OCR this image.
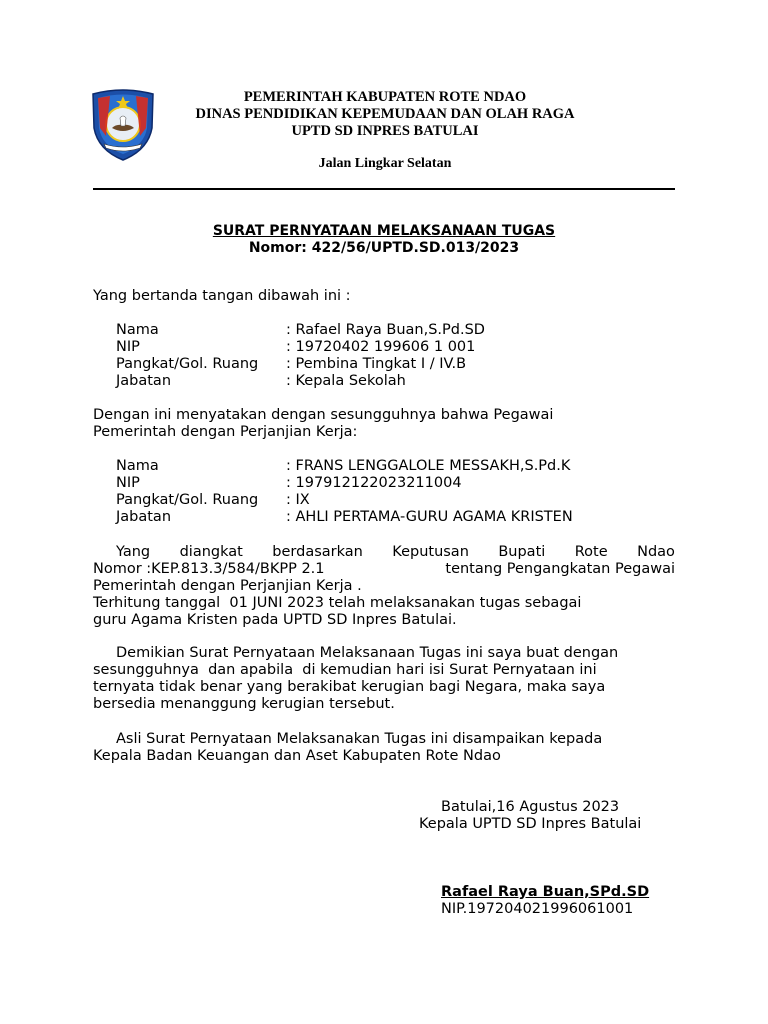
PEMERINTAH KABUPATEN ROTE NDAO
DINAS PENDIDIKAN KEPEMUDAAN DAN OLAH RAGA
UPTD SD INPRES BATULAI
Jalan Lingkar Selatan
SURAT PERNYATAAN MELAKSANAAN TUGAS
Nomor: 422/56/UPTD.SD.013/2023
Yang bertanda tangan dibawah ini :
Nama	: Rafael Raya Buan,S.Pd.SD
NIP	: 19720402 199606 1 001
Pangkat/Gol. Ruang	: Pembina Tingkat I / IV.B
Jabatan	: Kepala Sekolah
Dengan ini menyatakan dengan sesungguhnya bahwa Pegawai
Pemerintah dengan Perjanjian Kerja:
Nama	: FRANS LENGGALOLE MESSAKH,S.Pd.K
NIP	: 197912122023211004
Pangkat/Gol. Ruang	: IX
Jabatan	: AHLI PERTAMA-GURU AGAMA KRISTEN
Yang diangkat berdasarkan Keputusan Bupati Rote Ndao
Nomor :KEP.813.3/584/BKPP 2.1	tentang Pengangkatan Pegawai
Pemerintah dengan Perjanjian Kerja .
Terhitung tanggal  01 JUNI 2023 telah melaksanakan tugas sebagai
guru Agama Kristen pada UPTD SD Inpres Batulai.
Demikian Surat Pernyataan Melaksanaan Tugas ini saya buat dengan
sesungguhnya  dan apabila  di kemudian hari isi Surat Pernyataan ini
ternyata tidak benar yang berakibat kerugian bagi Negara, maka saya
bersedia menanggung kerugian tersebut.
Asli Surat Pernyataan Melaksanakan Tugas ini disampaikan kepada
Kepala Badan Keuangan dan Aset Kabupaten Rote Ndao
Batulai,16 Agustus 2023
Kepala UPTD SD Inpres Batulai
Rafael Raya Buan,SPd.SD
NIP.197204021996061001
